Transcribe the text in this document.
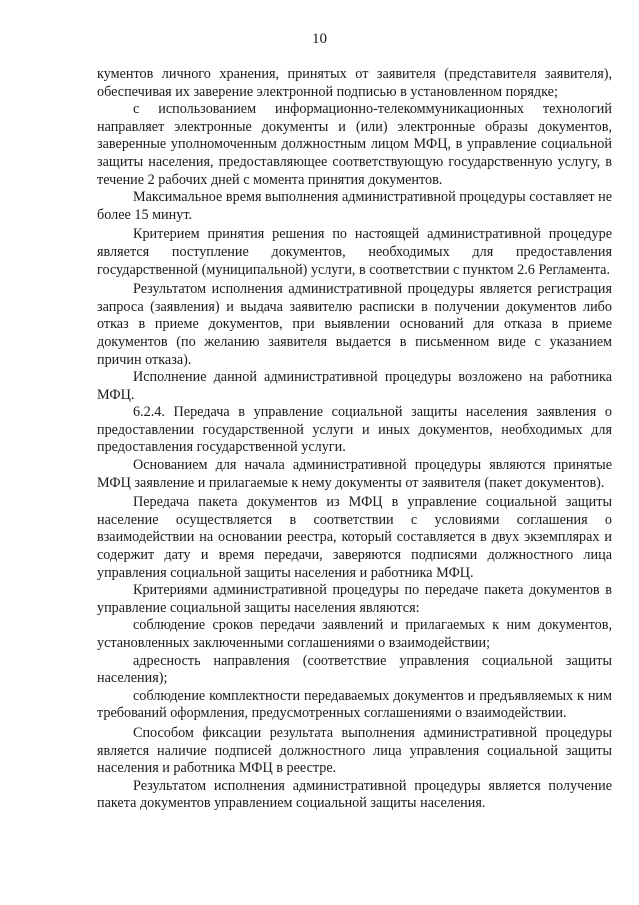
10

кументов личного хранения, принятых от заявителя (представителя заявителя), обеспечивая их заверение электронной подписью в установленном порядке;

с использованием информационно-телекоммуникационных технологий направляет электронные документы и (или) электронные образы документов, заверенные уполномоченным должностным лицом МФЦ, в управление социальной защиты населения, предоставляющее соответствующую государственную услугу, в течение 2 рабочих дней с момента принятия документов.

Максимальное время выполнения административной процедуры составляет не более 15 минут.

Критерием принятия решения по настоящей административной процедуре является поступление документов, необходимых для предоставления государственной (муниципальной) услуги, в соответствии с пунктом 2.6 Регламента.

Результатом исполнения административной процедуры является регистрация запроса (заявления) и выдача заявителю расписки в получении документов либо отказ в приеме документов, при выявлении оснований для отказа в приеме документов (по желанию заявителя выдается в письменном виде с указанием причин отказа).

Исполнение данной административной процедуры возложено на работника МФЦ.

6.2.4. Передача в управление социальной защиты населения заявления о предоставлении государственной услуги и иных документов, необходимых для предоставления государственной услуги.

Основанием для начала административной процедуры являются принятые МФЦ заявление и прилагаемые к нему документы от заявителя (пакет документов).

Передача пакета документов из МФЦ в управление социальной защиты население осуществляется в соответствии с условиями соглашения о взаимодействии на основании реестра, который составляется в двух экземплярах и содержит дату и время передачи, заверяются подписями должностного лица управления социальной защиты населения и работника МФЦ.

Критериями административной процедуры по передаче пакета документов в управление социальной защиты населения являются:

соблюдение сроков передачи заявлений и прилагаемых к ним документов, установленных заключенными соглашениями о взаимодействии;

адресность направления (соответствие управления социальной защиты населения);

соблюдение комплектности передаваемых документов и предъявляемых к ним требований оформления, предусмотренных соглашениями о взаимодействии.

Способом фиксации результата выполнения административной процедуры является наличие подписей должностного лица управления социальной защиты населения и работника МФЦ в реестре.

Результатом исполнения административной процедуры является получение пакета документов управлением социальной защиты населения.
